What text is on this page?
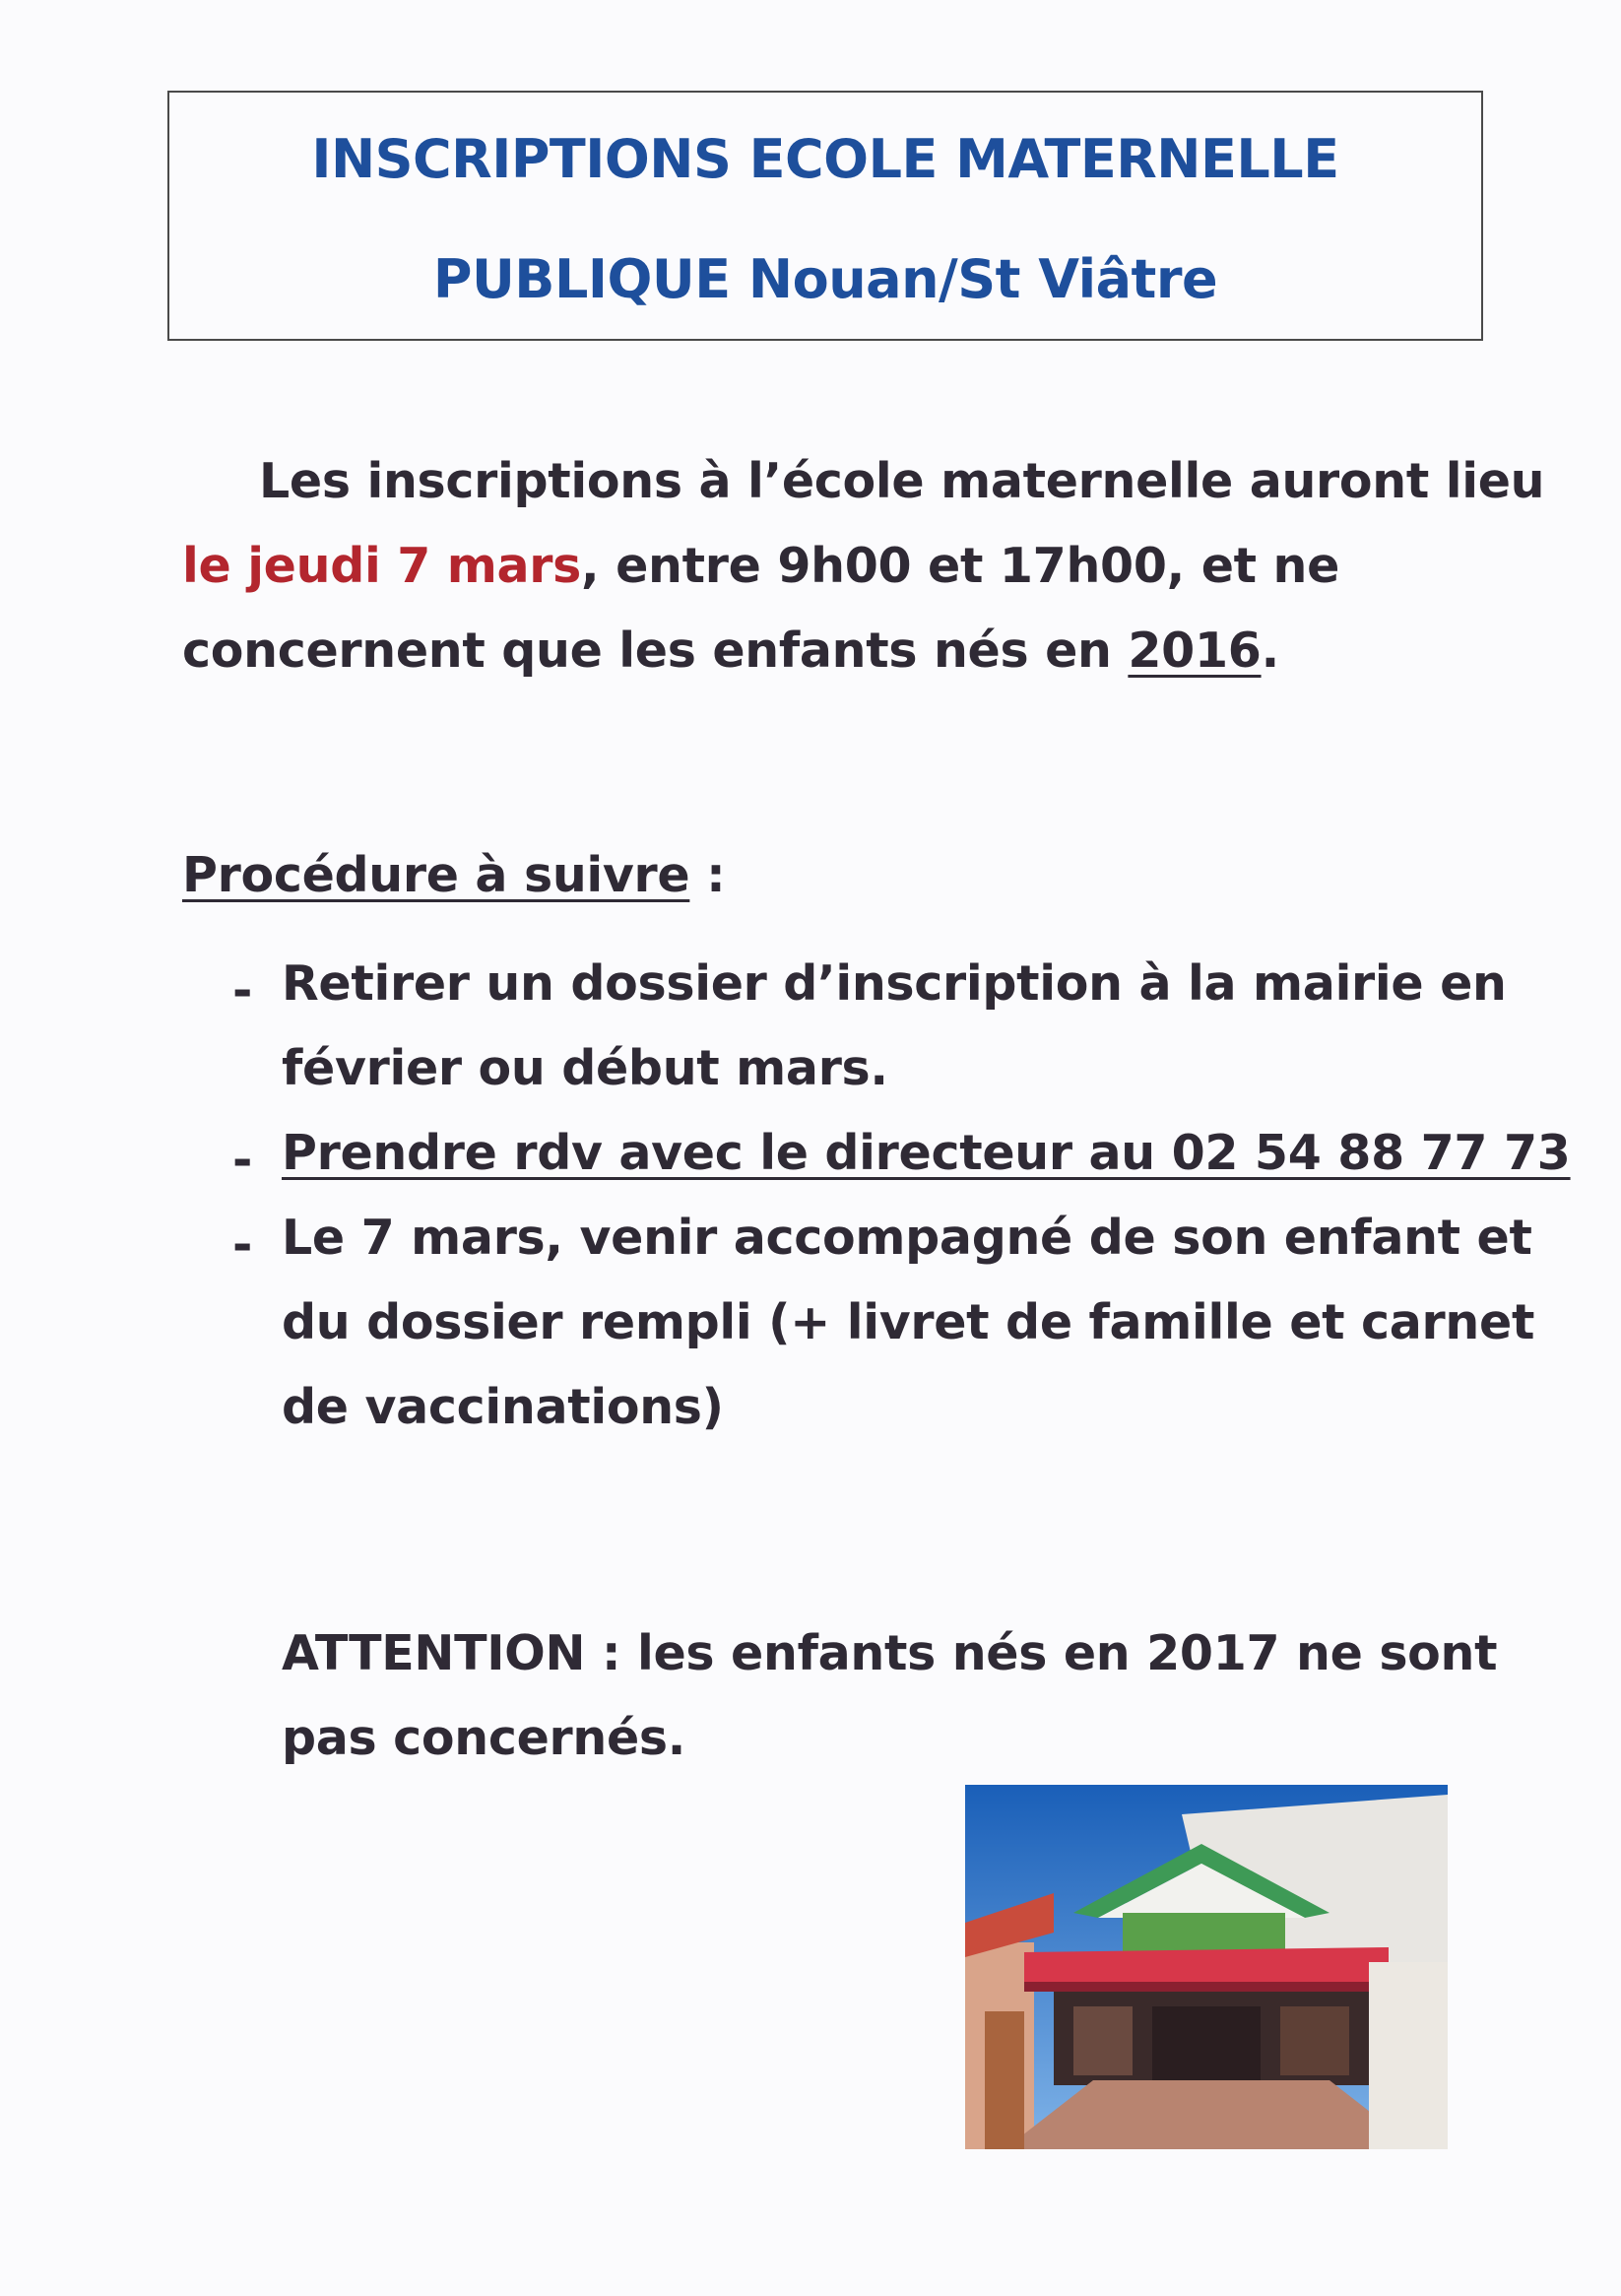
INSCRIPTIONS ECOLE MATERNELLE
PUBLIQUE Nouan/St Viâtre
Les inscriptions à l’école maternelle auront lieu
le jeudi 7 mars, entre 9h00 et 17h00, et ne
concernent que les enfants nés en 2016.
Procédure à suivre :
- Retirer un dossier d’inscription à la mairie en
février ou début mars.
- Prendre rdv avec le directeur au 02 54 88 77 73
- Le 7 mars, venir accompagné de son enfant et
du dossier rempli (+ livret de famille et carnet
de vaccinations)
ATTENTION : les enfants nés en 2017 ne sont
pas concernés.
